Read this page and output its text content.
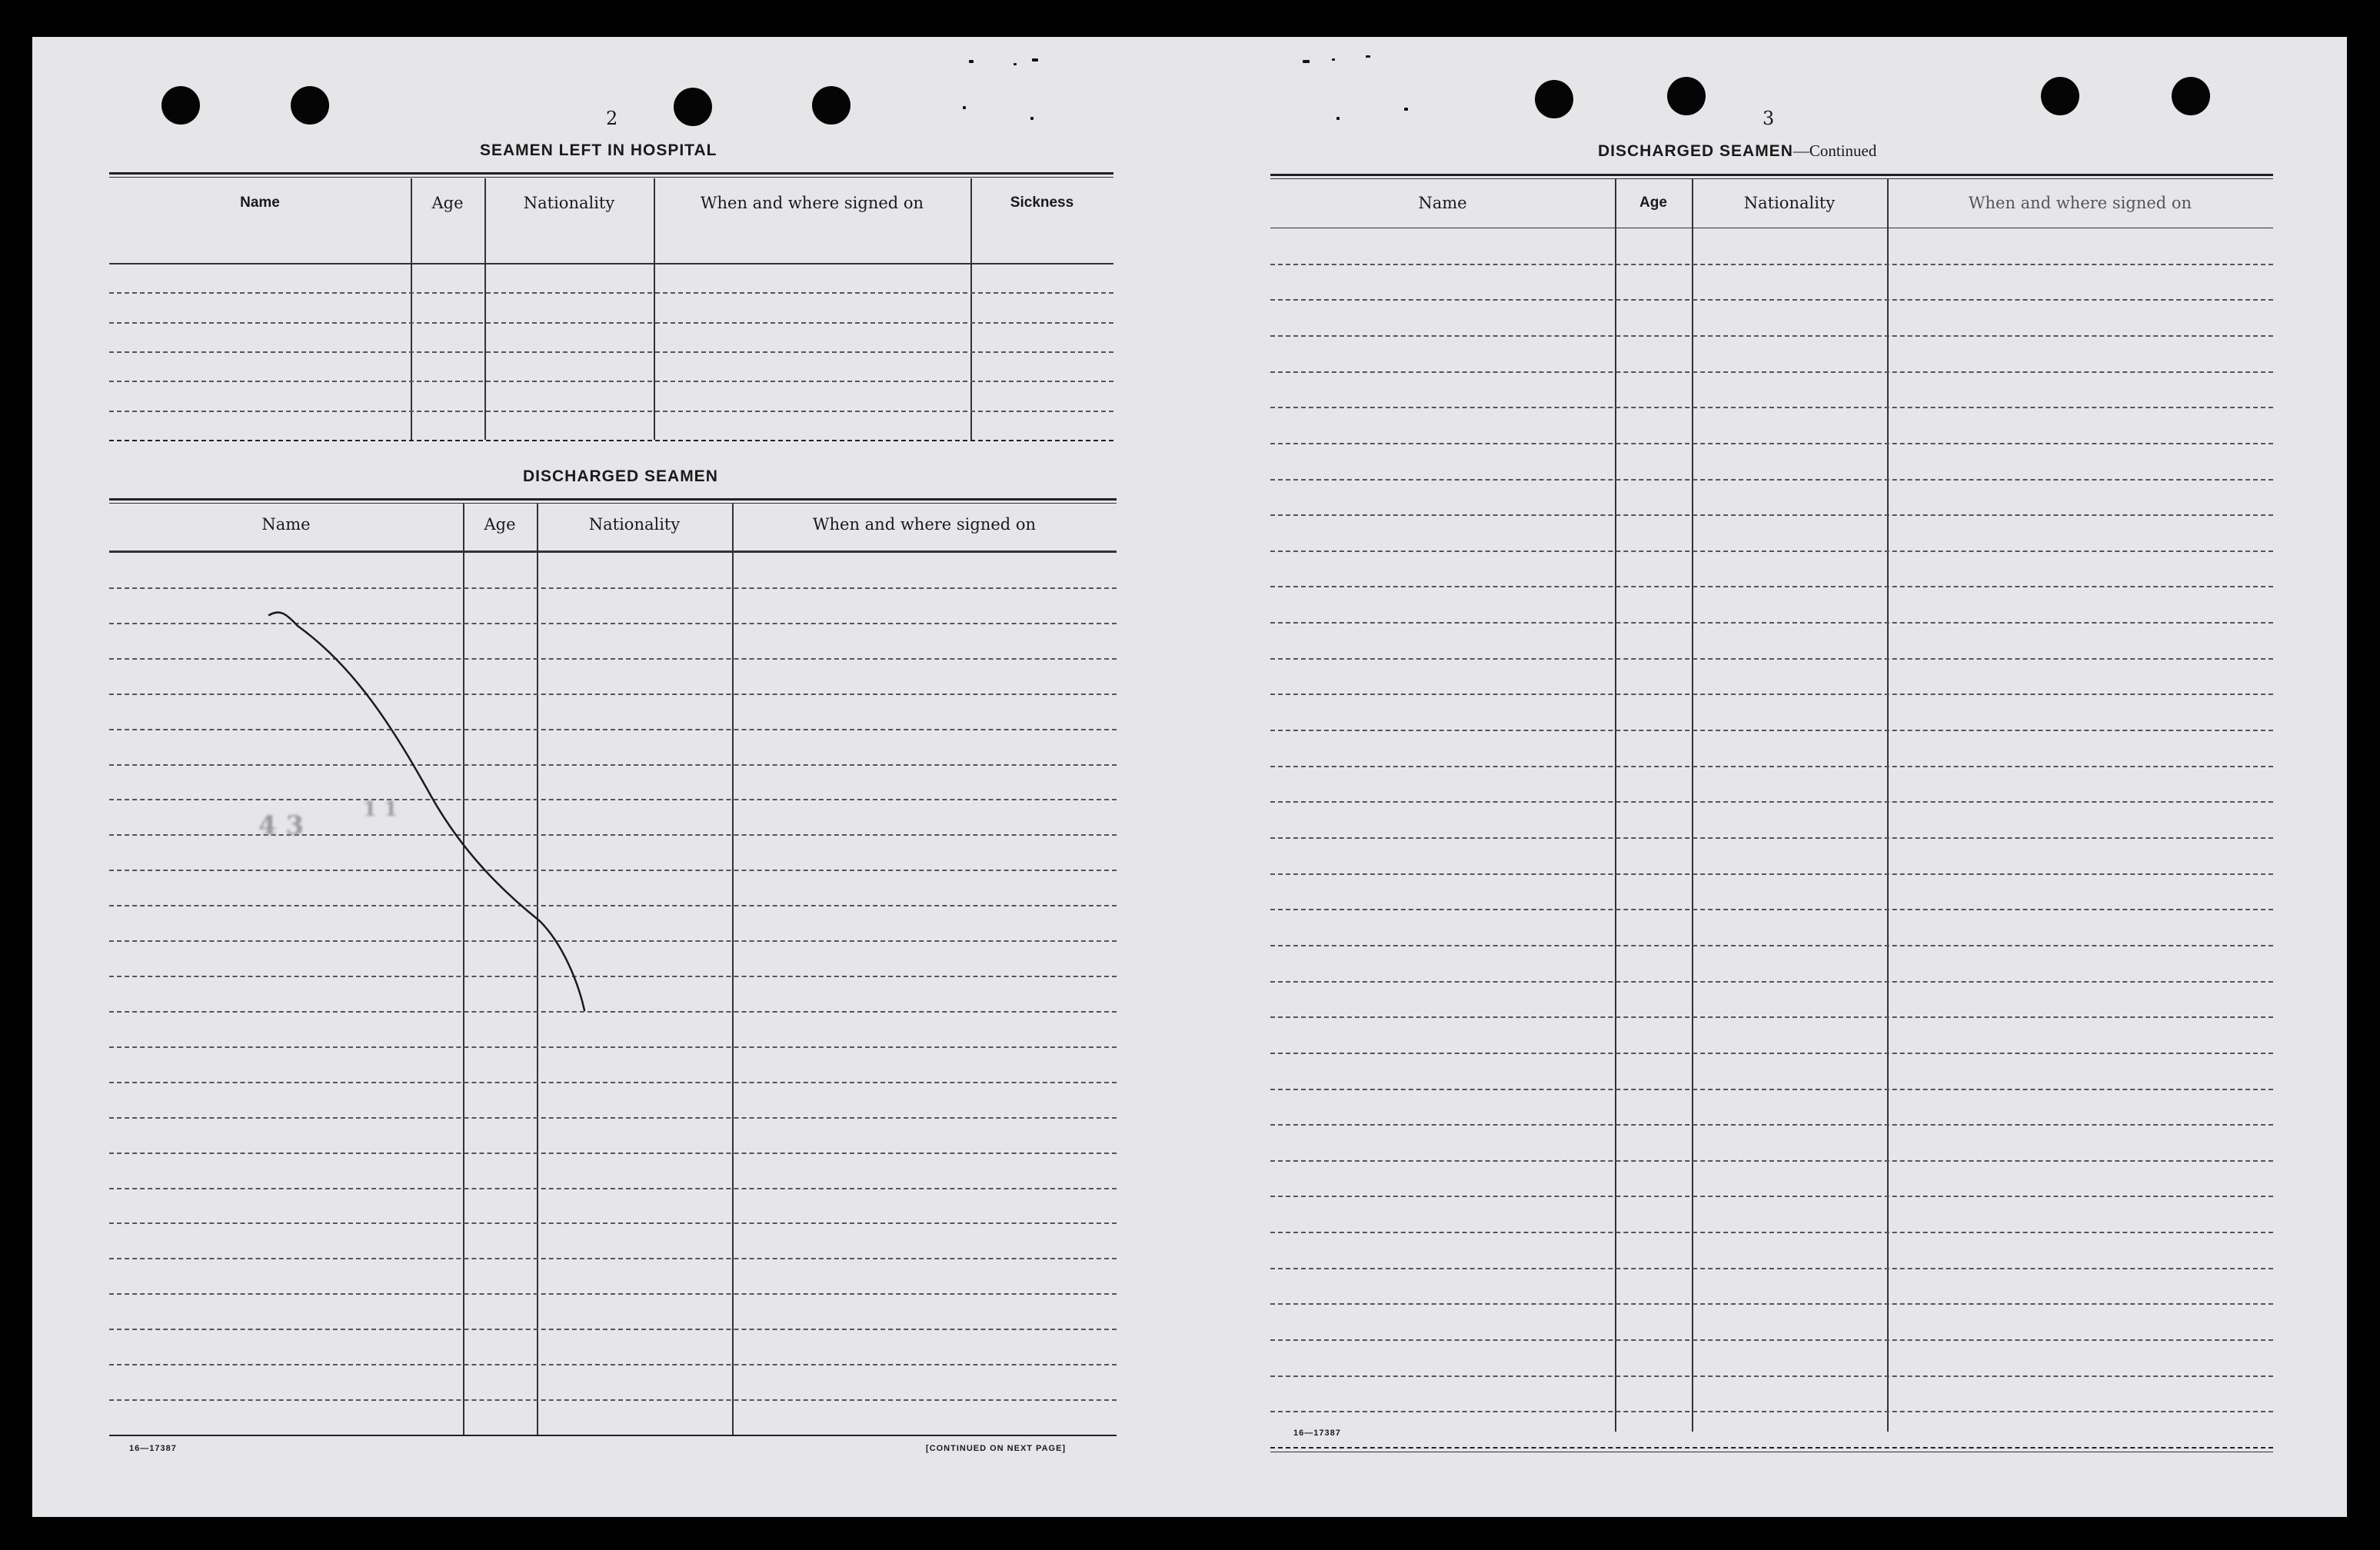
2
SEAMEN LEFT IN HOSPITAL
Name	Age	Nationality	When and where signed on	Sickness
DISCHARGED SEAMEN
Name	Age	Nationality	When and where signed on
4 3
1 1
16—17387	[CONTINUED ON NEXT PAGE]
3
DISCHARGED SEAMEN—Continued
Name	Age	Nationality	When and where signed on
16—17387
